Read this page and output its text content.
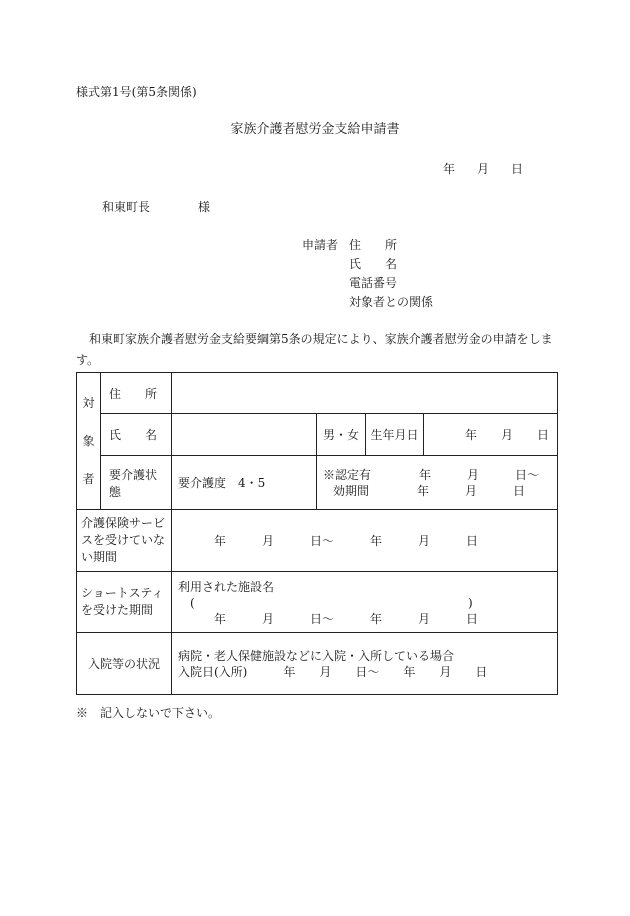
様式第1号(第5条関係)
家族介護者慰労金支給申請書
年 月 日
和東町長	様
申請者 住　　所
氏　　名
電話番号
対象者との関係
和東町家族介護者慰労金支給要綱第5条の規定により、家族介護者慰労金の申請をします。
対
象
者	住　　所				
	氏　　名		男・女	生年月日	年　　月　　日
	要介護状態	要介護度　4・5	※認定有　　　　年　　　月　　　日～
効期間　　　　年　　　月　　　日		

介護保険サービスを受けていない期間		年　　　月　　　日～　　　年　　　月　　　日			
ショートスティを受けた期間		利用された施設名
( )
年　　　月　　　日～　　　年　　　月　　　日			

入院等の状況		病院・老人保健施設などに入院・入所している場合
入院日(入所)　　　年　　月　　日～　　年　　月　　日			
※　記入しないで下さい。
